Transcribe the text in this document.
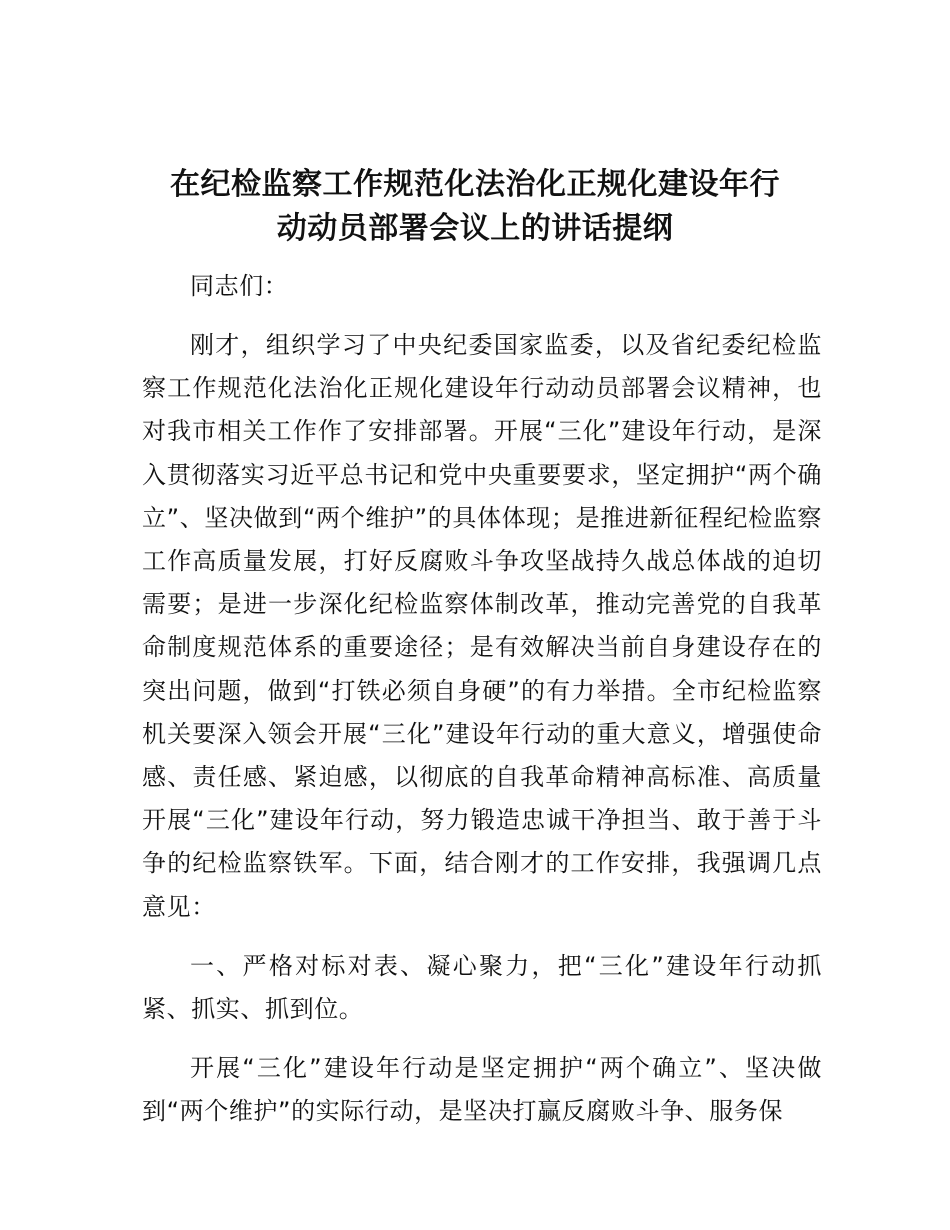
在纪检监察工作规范化法治化正规化建设年行
动动员部署会议上的讲话提纲

同志们：

刚才，组织学习了中央纪委国家监委，以及省纪委纪检监察工作规范化法治化正规化建设年行动动员部署会议精神，也对我市相关工作作了安排部署。开展“三化”建设年行动，是深入贯彻落实习近平总书记和党中央重要要求，坚定拥护“两个确立”、坚决做到“两个维护”的具体体现；是推进新征程纪检监察工作高质量发展，打好反腐败斗争攻坚战持久战总体战的迫切需要；是进一步深化纪检监察体制改革，推动完善党的自我革命制度规范体系的重要途径；是有效解决当前自身建设存在的突出问题，做到“打铁必须自身硬”的有力举措。全市纪检监察机关要深入领会开展“三化”建设年行动的重大意义，增强使命感、责任感、紧迫感，以彻底的自我革命精神高标准、高质量开展“三化”建设年行动，努力锻造忠诚干净担当、敢于善于斗争的纪检监察铁军。下面，结合刚才的工作安排，我强调几点意见：

一、严格对标对表、凝心聚力，把“三化”建设年行动抓紧、抓实、抓到位。

开展“三化”建设年行动是坚定拥护“两个确立”、坚决做到“两个维护”的实际行动，是坚决打赢反腐败斗争、服务保
